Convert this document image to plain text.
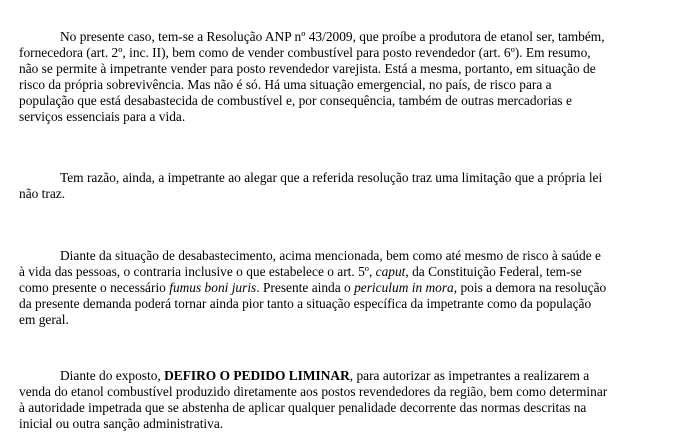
No presente caso, tem-se a Resolução ANP nº 43/2009, que proíbe a produtora de etanol ser, também,
fornecedora (art. 2º, inc. II), bem como de vender combustível para posto revendedor (art. 6º). Em resumo,
não se permite à impetrante vender para posto revendedor varejista. Está a mesma, portanto, em situação de
risco da própria sobrevivência. Mas não é só. Há uma situação emergencial, no país, de risco para a
população que está desabastecida de combustível e, por consequência, também de outras mercadorias e
serviços essenciais para a vida.
Tem razão, ainda, a impetrante ao alegar que a referida resolução traz uma limitação que a própria lei
não traz.
Diante da situação de desabastecimento, acima mencionada, bem como até mesmo de risco à saúde e
à vida das pessoas, o contraria inclusive o que estabelece o art. 5º, caput, da Constituição Federal, tem-se
como presente o necessário fumus boni juris. Presente ainda o periculum in mora, pois a demora na resolução
da presente demanda poderá tornar ainda pior tanto a situação específica da impetrante como da população
em geral.
Diante do exposto, DEFIRO O PEDIDO LIMINAR, para autorizar as impetrantes a realizarem a
venda do etanol combustível produzido diretamente aos postos revendedores da região, bem como determinar
à autoridade impetrada que se abstenha de aplicar qualquer penalidade decorrente das normas descritas na
inicial ou outra sanção administrativa.
